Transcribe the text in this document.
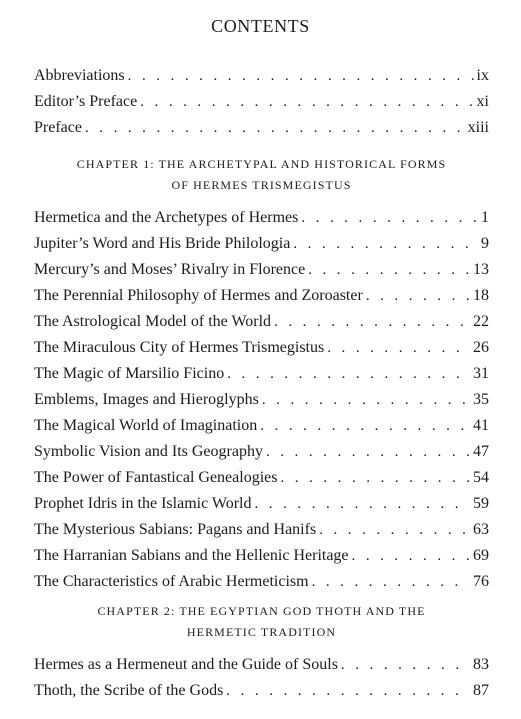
CONTENTS
Abbreviations . . .	ix
Editor’s Preface . . .	xi
Preface . . .	xiii
CHAPTER 1: THE ARCHETYPAL AND HISTORICAL FORMS
OF HERMES TRISMEGISTUS
Hermetica and the Archetypes of Hermes . . .	1
Jupiter’s Word and His Bride Philologia . . .	9
Mercury’s and Moses’ Rivalry in Florence . . .	13
The Perennial Philosophy of Hermes and Zoroaster . . .	18
The Astrological Model of the World . . .	22
The Miraculous City of Hermes Trismegistus . . .	26
The Magic of Marsilio Ficino . . .	31
Emblems, Images and Hieroglyphs . . .	35
The Magical World of Imagination . . .	41
Symbolic Vision and Its Geography . . .	47
The Power of Fantastical Genealogies . . .	54
Prophet Idris in the Islamic World . . .	59
The Mysterious Sabians: Pagans and Hanifs . . .	63
The Harranian Sabians and the Hellenic Heritage . . .	69
The Characteristics of Arabic Hermeticism . . .	76
CHAPTER 2: THE EGYPTIAN GOD THOTH AND THE
HERMETIC TRADITION
Hermes as a Hermeneut and the Guide of Souls . . .	83
Thoth, the Scribe of the Gods . . .	87
